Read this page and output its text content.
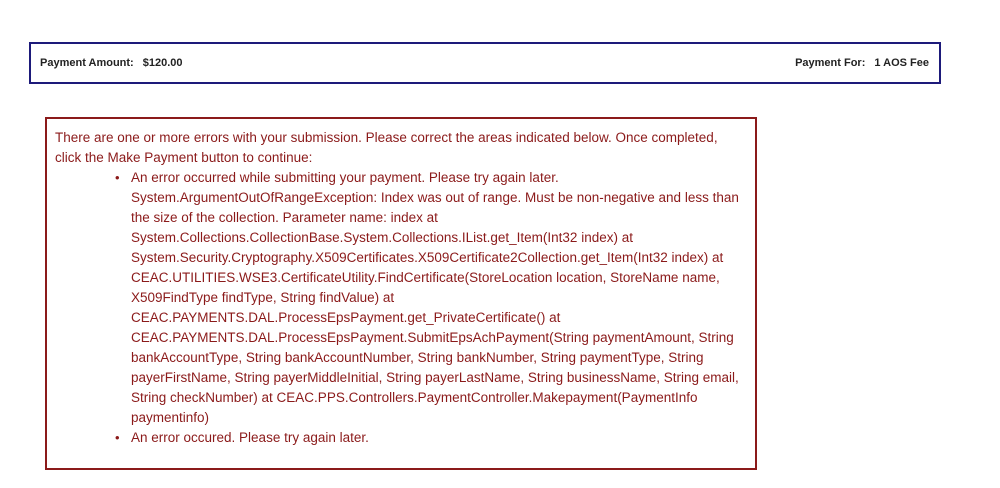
Payment Amount: $120.00	Payment For: 1 AOS Fee

There are one or more errors with your submission. Please correct the areas indicated below. Once completed, click the Make Payment button to continue:

• An error occurred while submitting your payment. Please try again later. System.ArgumentOutOfRangeException: Index was out of range. Must be non-negative and less than the size of the collection. Parameter name: index at System.Collections.CollectionBase.System.Collections.IList.get_Item(Int32 index) at System.Security.Cryptography.X509Certificates.X509Certificate2Collection.get_Item(Int32 index) at CEAC.UTILITIES.WSE3.CertificateUtility.FindCertificate(StoreLocation location, StoreName name, X509FindType findType, String findValue) at CEAC.PAYMENTS.DAL.ProcessEpsPayment.get_PrivateCertificate() at CEAC.PAYMENTS.DAL.ProcessEpsPayment.SubmitEpsAchPayment(String paymentAmount, String bankAccountType, String bankAccountNumber, String bankNumber, String paymentType, String payerFirstName, String payerMiddleInitial, String payerLastName, String businessName, String email, String checkNumber) at CEAC.PPS.Controllers.PaymentController.Makepayment(PaymentInfo paymentinfo)
• An error occured. Please try again later.
